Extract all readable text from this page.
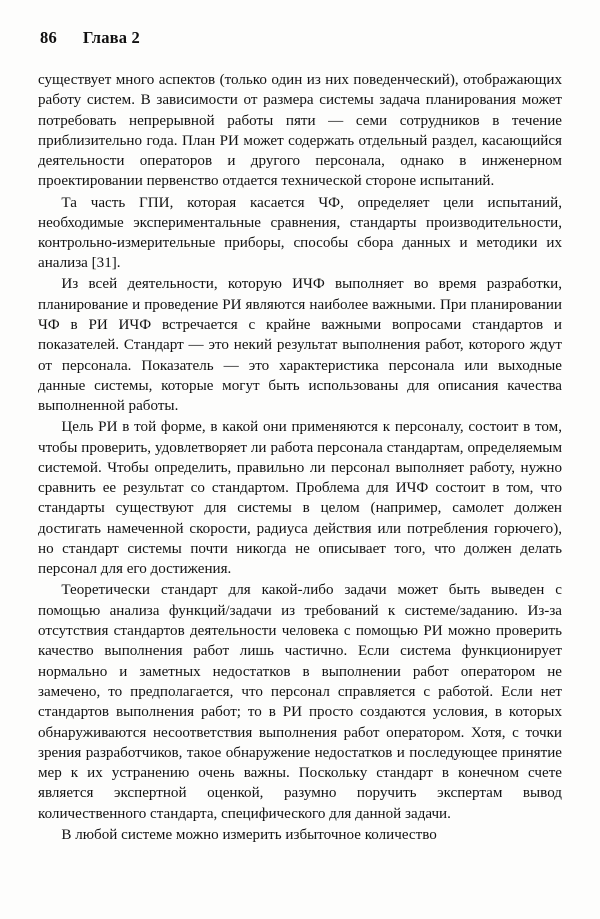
86 Глава 2

существует много аспектов (только один из них поведенческий), отображающих работу систем. В зависимости от размера системы задача планирования может потребовать непрерывной работы пяти — семи сотрудников в течение приблизительно года. План РИ может содержать отдельный раздел, касающийся деятельности операторов и другого персонала, однако в инженерном проектировании первенство отдается технической стороне испытаний.

Та часть ГПИ, которая касается ЧФ, определяет цели испытаний, необходимые экспериментальные сравнения, стандарты производительности, контрольно-измерительные приборы, способы сбора данных и методики их анализа [31].

Из всей деятельности, которую ИЧФ выполняет во время разработки, планирование и проведение РИ являются наиболее важными. При планировании ЧФ в РИ ИЧФ встречается с крайне важными вопросами стандартов и показателей. Стандарт — это некий результат выполнения работ, которого ждут от персонала. Показатель — это характеристика персонала или выходные данные системы, которые могут быть использованы для описания качества выполненной работы.

Цель РИ в той форме, в какой они применяются к персоналу, состоит в том, чтобы проверить, удовлетворяет ли работа персонала стандартам, определяемым системой. Чтобы определить, правильно ли персонал выполняет работу, нужно сравнить ее результат со стандартом. Проблема для ИЧФ состоит в том, что стандарты существуют для системы в целом (например, самолет должен достигать намеченной скорости, радиуса действия или потребления горючего), но стандарт системы почти никогда не описывает того, что должен делать персонал для его достижения.

Теоретически стандарт для какой-либо задачи может быть выведен с помощью анализа функций/задачи из требований к системе/заданию. Из-за отсутствия стандартов деятельности человека с помощью РИ можно проверить качество выполнения работ лишь частично. Если система функционирует нормально и заметных недостатков в выполнении работ оператором не замечено, то предполагается, что персонал справляется с работой. Если нет стандартов выполнения работ; то в РИ просто создаются условия, в которых обнаруживаются несоответствия выполнения работ оператором. Хотя, с точки зрения разработчиков, такое обнаружение недостатков и последующее принятие мер к их устранению очень важны. Поскольку стандарт в конечном счете является экспертной оценкой, разумно поручить экспертам вывод количественного стандарта, специфического для данной задачи.

В любой системе можно измерить избыточное количество
